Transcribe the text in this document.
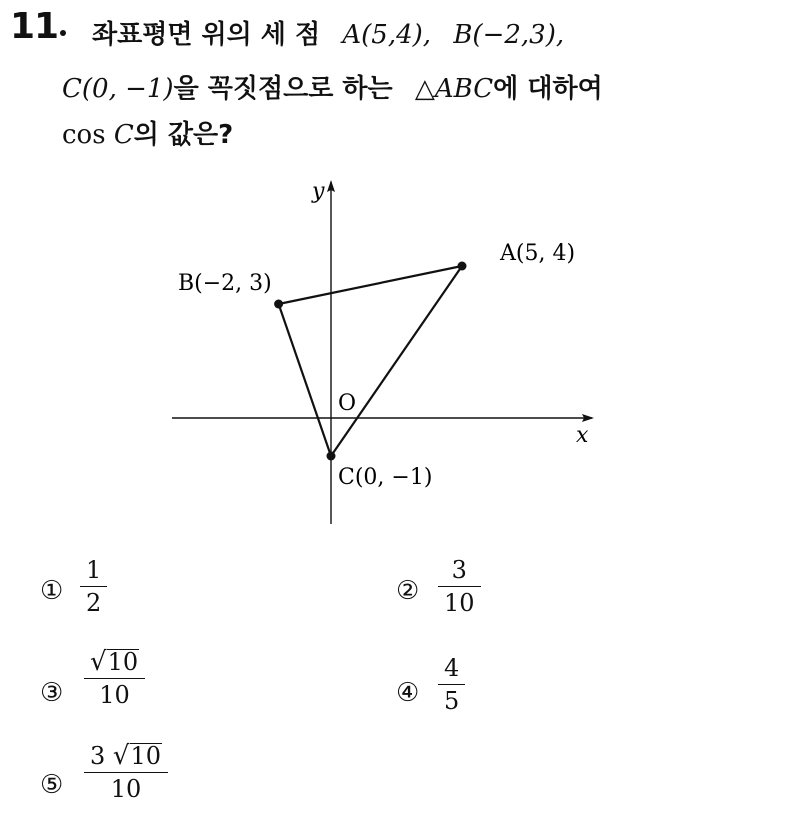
11 좌표평면 위의 세 점 A(5,4), B(−2,3),
C(0, −1)을 꼭짓점으로 하는 △ABC에 대하여
cos C의 값은?
y
x
O
A(5, 4)
B(−2, 3)
C(0, −1)
①
1
2	②
3
10
③
√ 10
10	④
4
5
⑤
3 √ 10
10
